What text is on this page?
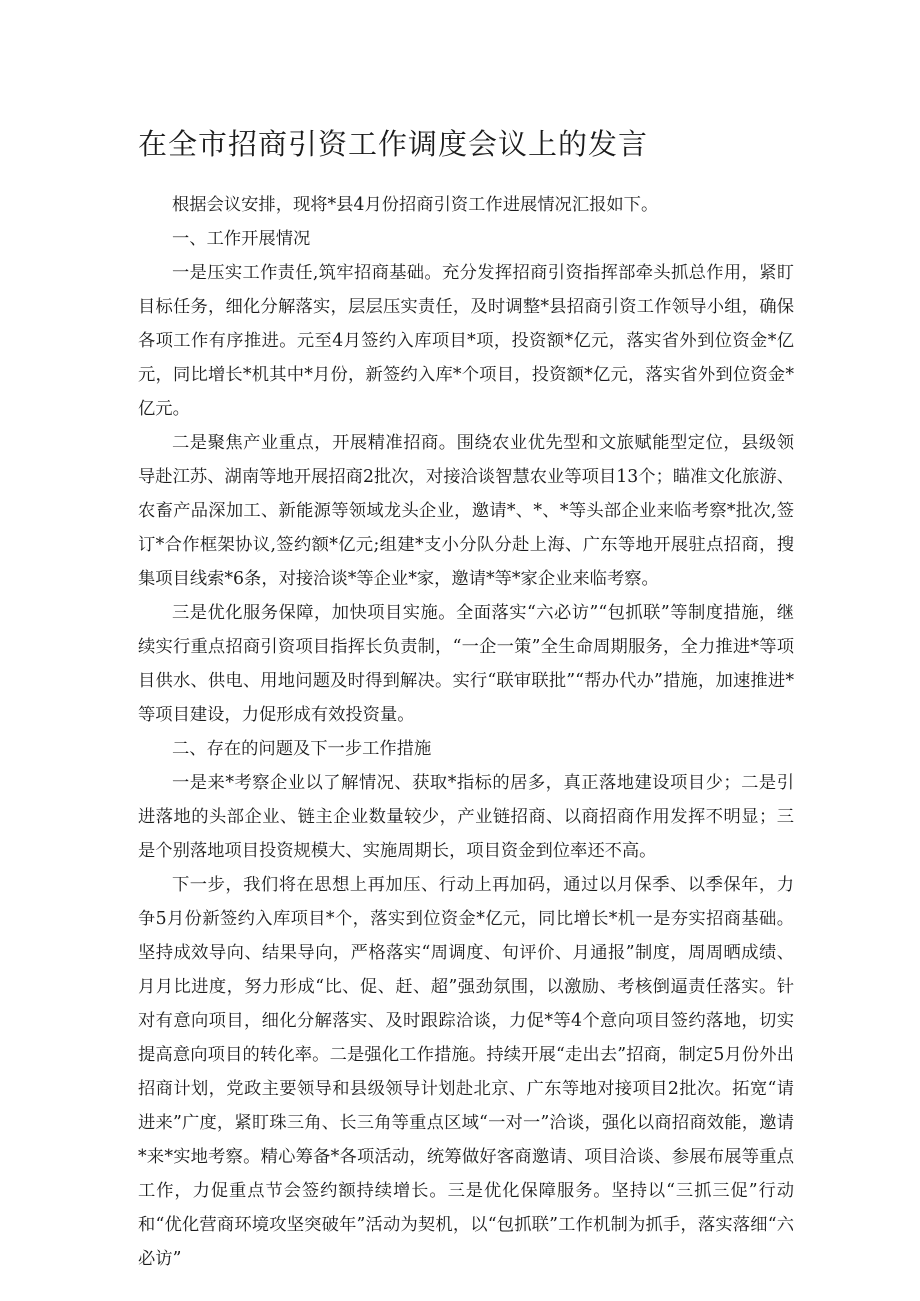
在全市招商引资工作调度会议上的发言

根据会议安排，现将*县4月份招商引资工作进展情况汇报如下。

一、工作开展情况

一是压实工作责任,筑牢招商基础。充分发挥招商引资指挥部牵头抓总作用，紧盯目标任务，细化分解落实，层层压实责任，及时调整*县招商引资工作领导小组，确保各项工作有序推进。元至4月签约入库项目*项，投资额*亿元，落实省外到位资金*亿元，同比增长*机其中*月份，新签约入库*个项目，投资额*亿元，落实省外到位资金*亿元。

二是聚焦产业重点，开展精准招商。围绕农业优先型和文旅赋能型定位，县级领导赴江苏、湖南等地开展招商2批次，对接洽谈智慧农业等项目13个；瞄准文化旅游、农畜产品深加工、新能源等领域龙头企业，邀请*、*、*等头部企业来临考察*批次,签订*合作框架协议,签约额*亿元;组建*支小分队分赴上海、广东等地开展驻点招商，搜集项目线索*6条，对接洽谈*等企业*家，邀请*等*家企业来临考察。

三是优化服务保障，加快项目实施。全面落实“六必访”“包抓联”等制度措施，继续实行重点招商引资项目指挥长负责制，“一企一策”全生命周期服务，全力推进*等项目供水、供电、用地问题及时得到解决。实行“联审联批”“帮办代办”措施，加速推进*等项目建设，力促形成有效投资量。

二、存在的问题及下一步工作措施

一是来*考察企业以了解情况、获取*指标的居多，真正落地建设项目少；二是引进落地的头部企业、链主企业数量较少，产业链招商、以商招商作用发挥不明显；三是个别落地项目投资规模大、实施周期长，项目资金到位率还不高。

下一步，我们将在思想上再加压、行动上再加码，通过以月保季、以季保年，力争5月份新签约入库项目*个，落实到位资金*亿元，同比增长*机一是夯实招商基础。坚持成效导向、结果导向，严格落实“周调度、旬评价、月通报”制度，周周晒成绩、月月比进度，努力形成“比、促、赶、超”强劲氛围，以激励、考核倒逼责任落实。针对有意向项目，细化分解落实、及时跟踪洽谈，力促*等4个意向项目签约落地，切实提高意向项目的转化率。二是强化工作措施。持续开展“走出去”招商，制定5月份外出招商计划，党政主要领导和县级领导计划赴北京、广东等地对接项目2批次。拓宽“请进来”广度，紧盯珠三角、长三角等重点区域“一对一”洽谈，强化以商招商效能，邀请*来*实地考察。精心筹备*各项活动，统筹做好客商邀请、项目洽谈、参展布展等重点工作，力促重点节会签约额持续增长。三是优化保障服务。坚持以“三抓三促”行动和“优化营商环境攻坚突破年”活动为契机，以“包抓联”工作机制为抓手，落实落细“六必访”
